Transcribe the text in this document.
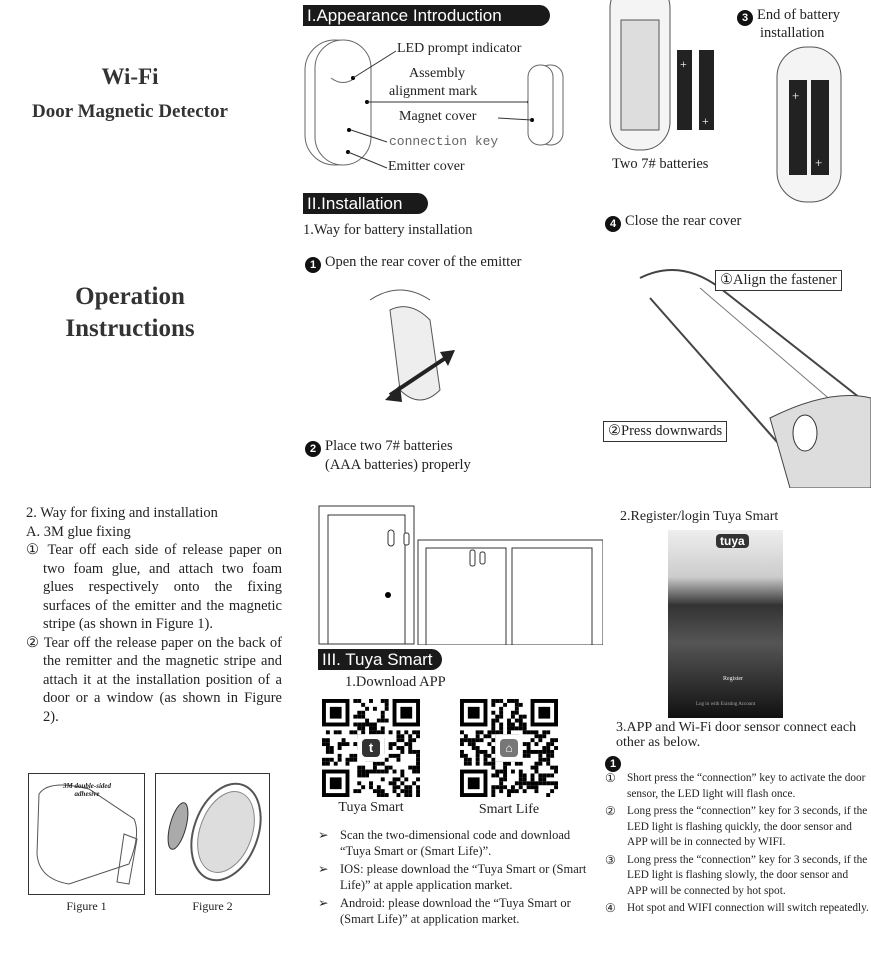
Wi-Fi
Door Magnetic Detector
Operation
Instructions

2. Way for fixing and installation

A. 3M glue fixing

① Tear off each side of release paper on two foam glue, and attach two foam glues respectively onto the fixing surfaces of the emitter and the magnetic stripe (as shown in Figure 1).

② Tear off the release paper on the back of the remitter and the magnetic stripe and attach it at the installation position of a door or a window (as shown in Figure 2).

3M double-sided adhesive
Figure 1	Figure 2
I.Appearance Introduction
LED prompt indicator
Assembly
alignment mark
Magnet cover
connection key
Emitter cover
II.Installation
1.Way for battery installation
1 Open the rear cover of the emitter
2 Place two 7# batteries
(AAA batteries) properly
+
+
Two 7# batteries
3 End of battery
installation
+
+
4 Close the rear cover
①Align the fastener
②Press downwards
III. Tuya Smart
1.Download APP
t	⌂
Tuya Smart	Smart Life
➢ Scan the two-dimensional code and download “Tuya Smart or (Smart Life)”.
➢ IOS: please download the “Tuya Smart or (Smart Life)” at apple application market.
➢ Android: please download the “Tuya Smart or (Smart Life)” at application market.
2.Register/login Tuya Smart
tuya
Register
Log in with Existing Account
3.APP and Wi-Fi door sensor connect each other as below.
1
① Short press the “connection” key to activate the door sensor, the LED light will flash once.
② Long press the “connection” key for 3 seconds, if the LED light is flashing quickly, the door sensor and APP will be in connected by WIFI.
③ Long press the “connection” key for 3 seconds, if the LED light is flashing slowly, the door sensor and APP will be connected by hot spot.
④ Hot spot and WIFI connection will switch repeatedly.
